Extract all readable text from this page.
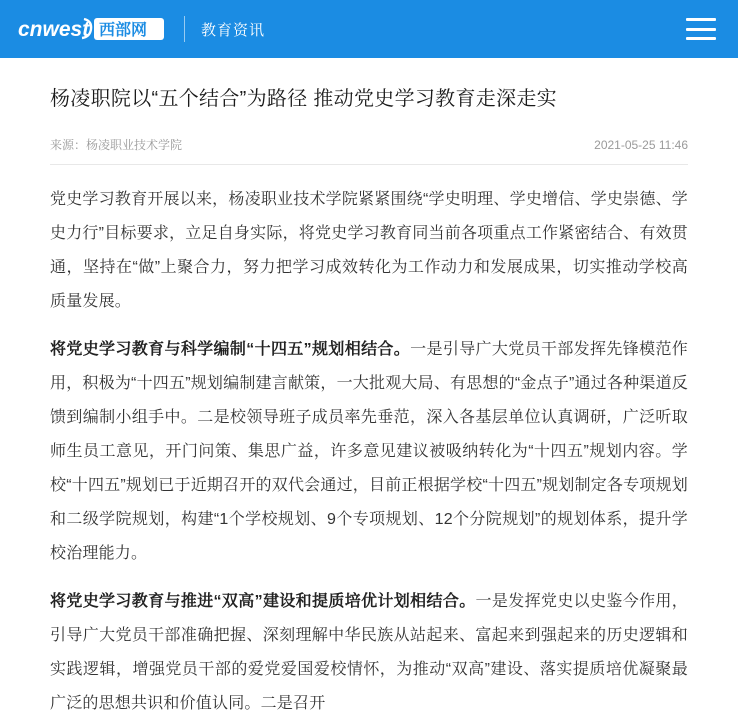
cnwest 西部网	教育资讯
杨凌职院以“五个结合”为路径 推动党史学习教育走深走实
来源：杨凌职业技术学院	2021-05-25 11:46

党史学习教育开展以来，杨凌职业技术学院紧紧围绕“学史明理、学史增信、学史崇德、学史力行”目标要求，立足自身实际，将党史学习教育同当前各项重点工作紧密结合、有效贯通，坚持在“做”上聚合力，努力把学习成效转化为工作动力和发展成果，切实推动学校高质量发展。

将党史学习教育与科学编制“十四五”规划相结合。一是引导广大党员干部发挥先锋模范作用，积极为“十四五”规划编制建言献策，一大批观大局、有思想的“金点子”通过各种渠道反馈到编制小组手中。二是校领导班子成员率先垂范，深入各基层单位认真调研，广泛听取师生员工意见，开门问策、集思广益，许多意见建议被吸纳转化为“十四五”规划内容。学校“十四五”规划已于近期召开的双代会通过，目前正根据学校“十四五”规划制定各专项规划和二级学院规划，构建“1个学校规划、9个专项规划、12个分院规划”的规划体系，提升学校治理能力。

将党史学习教育与推进“双高”建设和提质培优计划相结合。一是发挥党史以史鉴今作用，引导广大党员干部准确把握、深刻理解中华民族从站起来、富起来到强起来的历史逻辑和实践逻辑，增强党员干部的爱党爱国爱校情怀，为推动“双高”建设、落实提质培优凝聚最广泛的思想共识和价值认同。二是召开
